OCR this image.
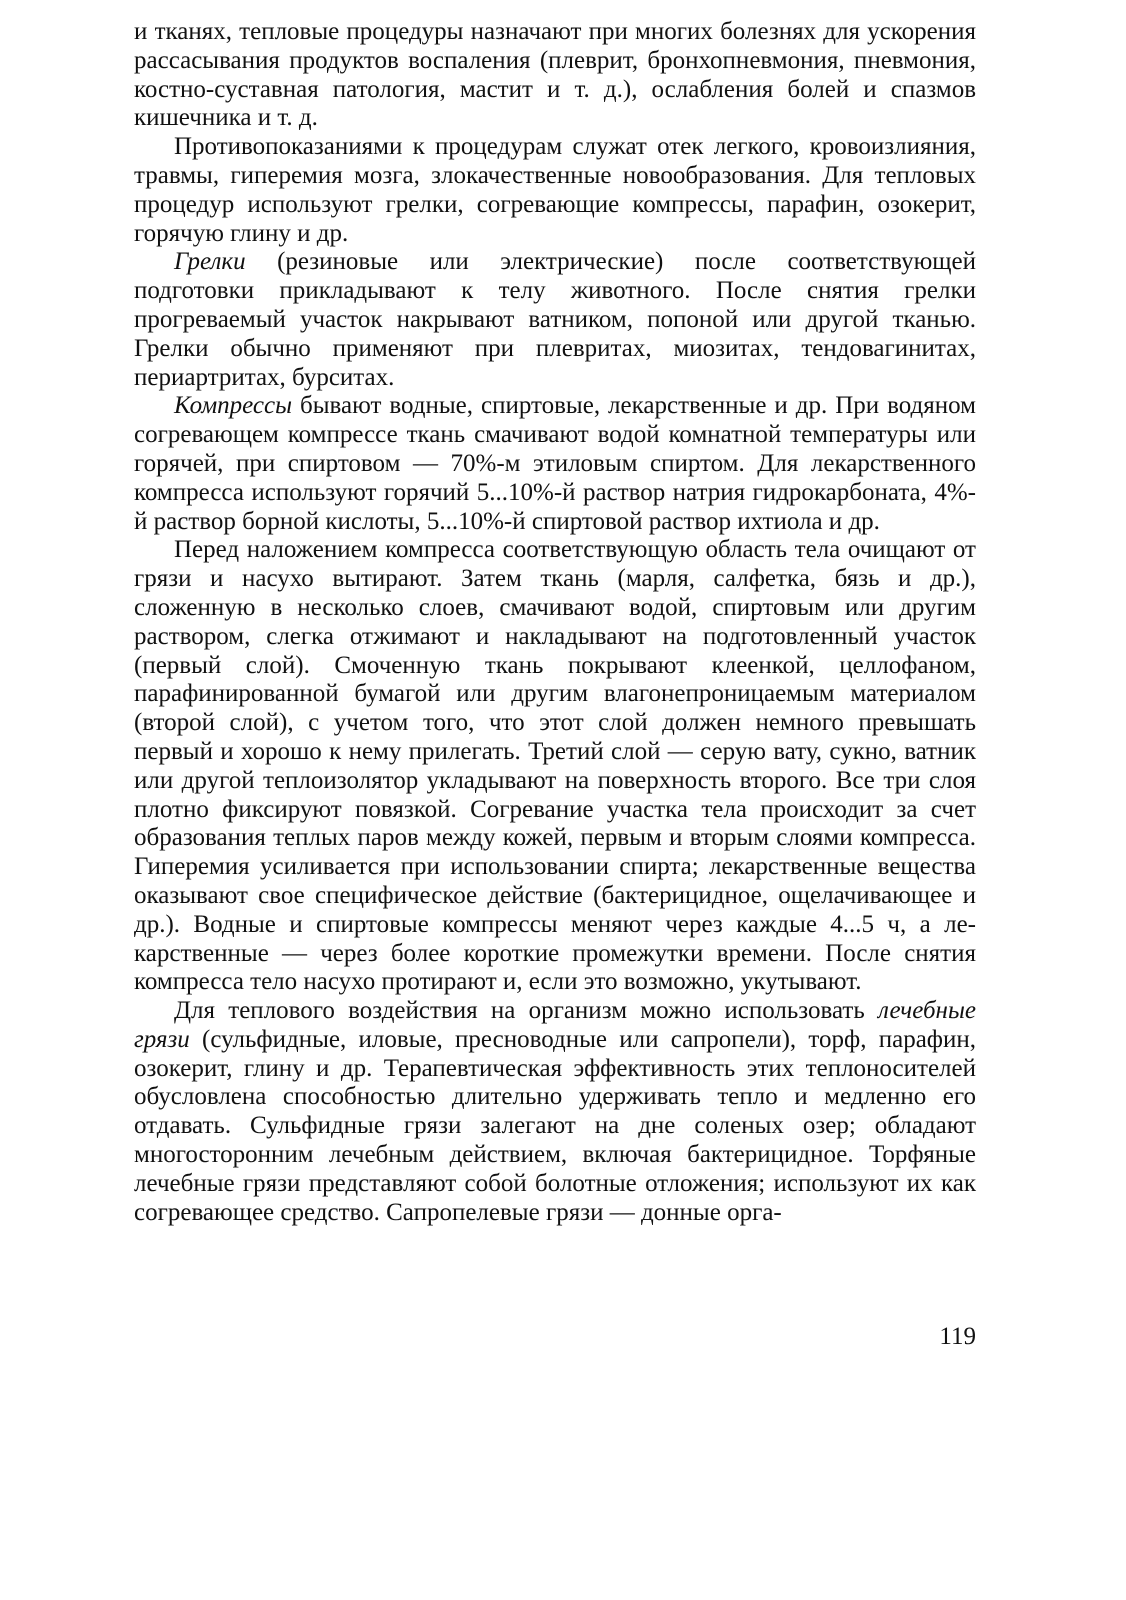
и тканях, тепловые процедуры назначают при многих болезнях для ускорения рассасывания продуктов воспаления (плеврит, бронхопневмония, пневмония, костно-суставная патология, мастит и т. д.), ослабления болей и спазмов кишечника и т. д.

Противопоказаниями к процедурам служат отек легкого, кровоизлияния, травмы, гиперемия мозга, злокачественные новообразования. Для тепловых процедур используют грелки, согревающие компрессы, парафин, озокерит, горячую глину и др.

Грелки (резиновые или электрические) после соответствующей подготовки прикладывают к телу животного. После снятия грелки прогреваемый участок накрывают ватником, попоной или другой тканью. Грелки обычно применяют при плевритах, миозитах, тендовагинитах, периартритах, бурситах.

Компрессы бывают водные, спиртовые, лекарственные и др. При водяном согревающем компрессе ткань смачивают водой комнатной температуры или горячей, при спиртовом — 70%-м этиловым спиртом. Для лекарственного компресса используют горячий 5...10%-й раствор натрия гидрокарбоната, 4%-й раствор борной кислоты, 5...10%-й спиртовой раствор ихтиола и др.

Перед наложением компресса соответствующую область тела очищают от грязи и насухо вытирают. Затем ткань (марля, салфетка, бязь и др.), сложенную в несколько слоев, смачивают водой, спиртовым или другим раствором, слегка отжимают и накладывают на подготовленный участок (первый слой). Смоченную ткань покрывают клеенкой, целлофаном, парафинированной бумагой или другим влагонепроницаемым материалом (второй слой), с учетом того, что этот слой должен немного превышать первый и хорошо к нему прилегать. Третий слой — серую вату, сукно, ватник или другой теплоизолятор укладывают на поверхность второго. Все три слоя плотно фиксируют повязкой. Согревание участка тела происходит за счет образования теплых паров между кожей, первым и вторым слоями компресса. Гиперемия усиливается при использовании спирта; лекарственные вещества оказывают свое специфическое действие (бактерицидное, ощелачивающее и др.). Водные и спиртовые компрессы меняют через каждые 4...5 ч, а лекарственные — через более короткие промежутки времени. После снятия компресса тело насухо протирают и, если это возможно, укутывают.

Для теплового воздействия на организм можно использовать лечебные грязи (сульфидные, иловые, пресноводные или сапропели), торф, парафин, озокерит, глину и др. Терапевтическая эффективность этих теплоносителей обусловлена способностью длительно удерживать тепло и медленно его отдавать. Сульфидные грязи залегают на дне соленых озер; обладают многосторонним лечебным действием, включая бактерицидное. Торфяные лечебные грязи представляют собой болотные отложения; используют их как согревающее средство. Сапропелевые грязи — донные орга-

119
